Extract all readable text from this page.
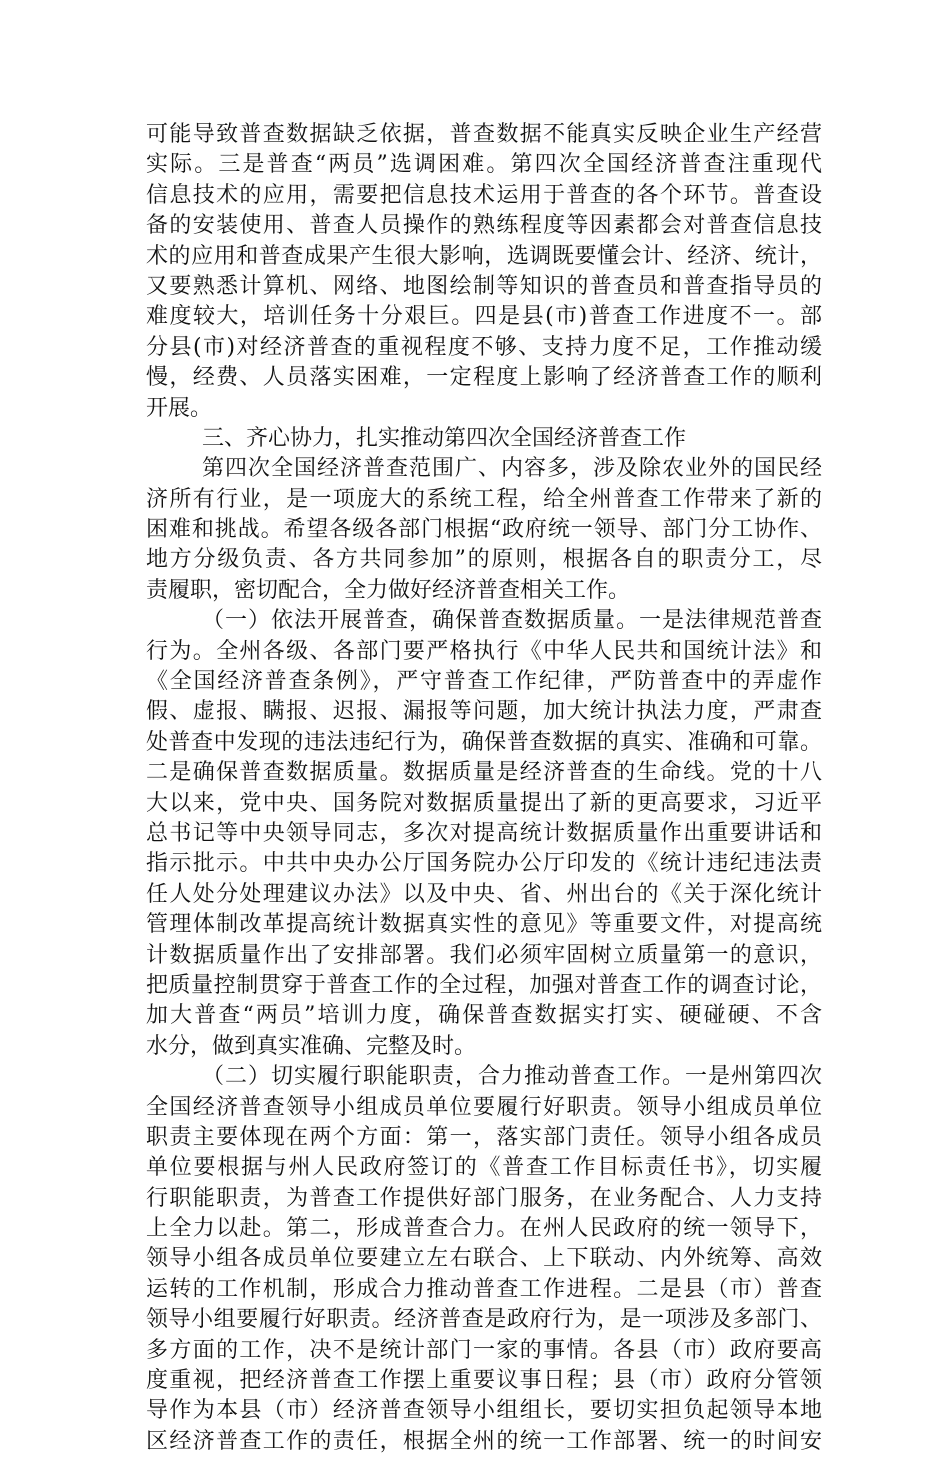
可能导致普查数据缺乏依据，普查数据不能真实反映企业生产经营
实际。三是普查“两员”选调困难。第四次全国经济普查注重现代
信息技术的应用，需要把信息技术运用于普查的各个环节。普查设
备的安装使用、普查人员操作的熟练程度等因素都会对普查信息技
术的应用和普查成果产生很大影响，选调既要懂会计、经济、统计，
又要熟悉计算机、网络、地图绘制等知识的普查员和普查指导员的
难度较大，培训任务十分艰巨。四是县(市)普查工作进度不一。部
分县(市)对经济普查的重视程度不够、支持力度不足，工作推动缓
慢，经费、人员落实困难，一定程度上影响了经济普查工作的顺利
开展。
三、齐心协力，扎实推动第四次全国经济普查工作
第四次全国经济普查范围广、内容多，涉及除农业外的国民经
济所有行业，是一项庞大的系统工程，给全州普查工作带来了新的
困难和挑战。希望各级各部门根据“政府统一领导、部门分工协作、
地方分级负责、各方共同参加”的原则，根据各自的职责分工，尽
责履职，密切配合，全力做好经济普查相关工作。
（一）依法开展普查，确保普查数据质量。一是法律规范普查
行为。全州各级、各部门要严格执行《中华人民共和国统计法》和
《全国经济普查条例》，严守普查工作纪律，严防普查中的弄虚作
假、虚报、瞒报、迟报、漏报等问题，加大统计执法力度，严肃查
处普查中发现的违法违纪行为，确保普查数据的真实、准确和可靠。
二是确保普查数据质量。数据质量是经济普查的生命线。党的十八
大以来，党中央、国务院对数据质量提出了新的更高要求，习近平
总书记等中央领导同志，多次对提高统计数据质量作出重要讲话和
指示批示。中共中央办公厅国务院办公厅印发的《统计违纪违法责
任人处分处理建议办法》以及中央、省、州出台的《关于深化统计
管理体制改革提高统计数据真实性的意见》等重要文件，对提高统
计数据质量作出了安排部署。我们必须牢固树立质量第一的意识，
把质量控制贯穿于普查工作的全过程，加强对普查工作的调查讨论，
加大普查“两员”培训力度，确保普查数据实打实、硬碰硬、不含
水分，做到真实准确、完整及时。
（二）切实履行职能职责，合力推动普查工作。一是州第四次
全国经济普查领导小组成员单位要履行好职责。领导小组成员单位
职责主要体现在两个方面：第一，落实部门责任。领导小组各成员
单位要根据与州人民政府签订的《普查工作目标责任书》，切实履
行职能职责，为普查工作提供好部门服务，在业务配合、人力支持
上全力以赴。第二，形成普查合力。在州人民政府的统一领导下，
领导小组各成员单位要建立左右联合、上下联动、内外统筹、高效
运转的工作机制，形成合力推动普查工作进程。二是县（市）普查
领导小组要履行好职责。经济普查是政府行为，是一项涉及多部门、
多方面的工作，决不是统计部门一家的事情。各县（市）政府要高
度重视，把经济普查工作摆上重要议事日程；县（市）政府分管领
导作为本县（市）经济普查领导小组组长，要切实担负起领导本地
区经济普查工作的责任，根据全州的统一工作部署、统一的时间安
